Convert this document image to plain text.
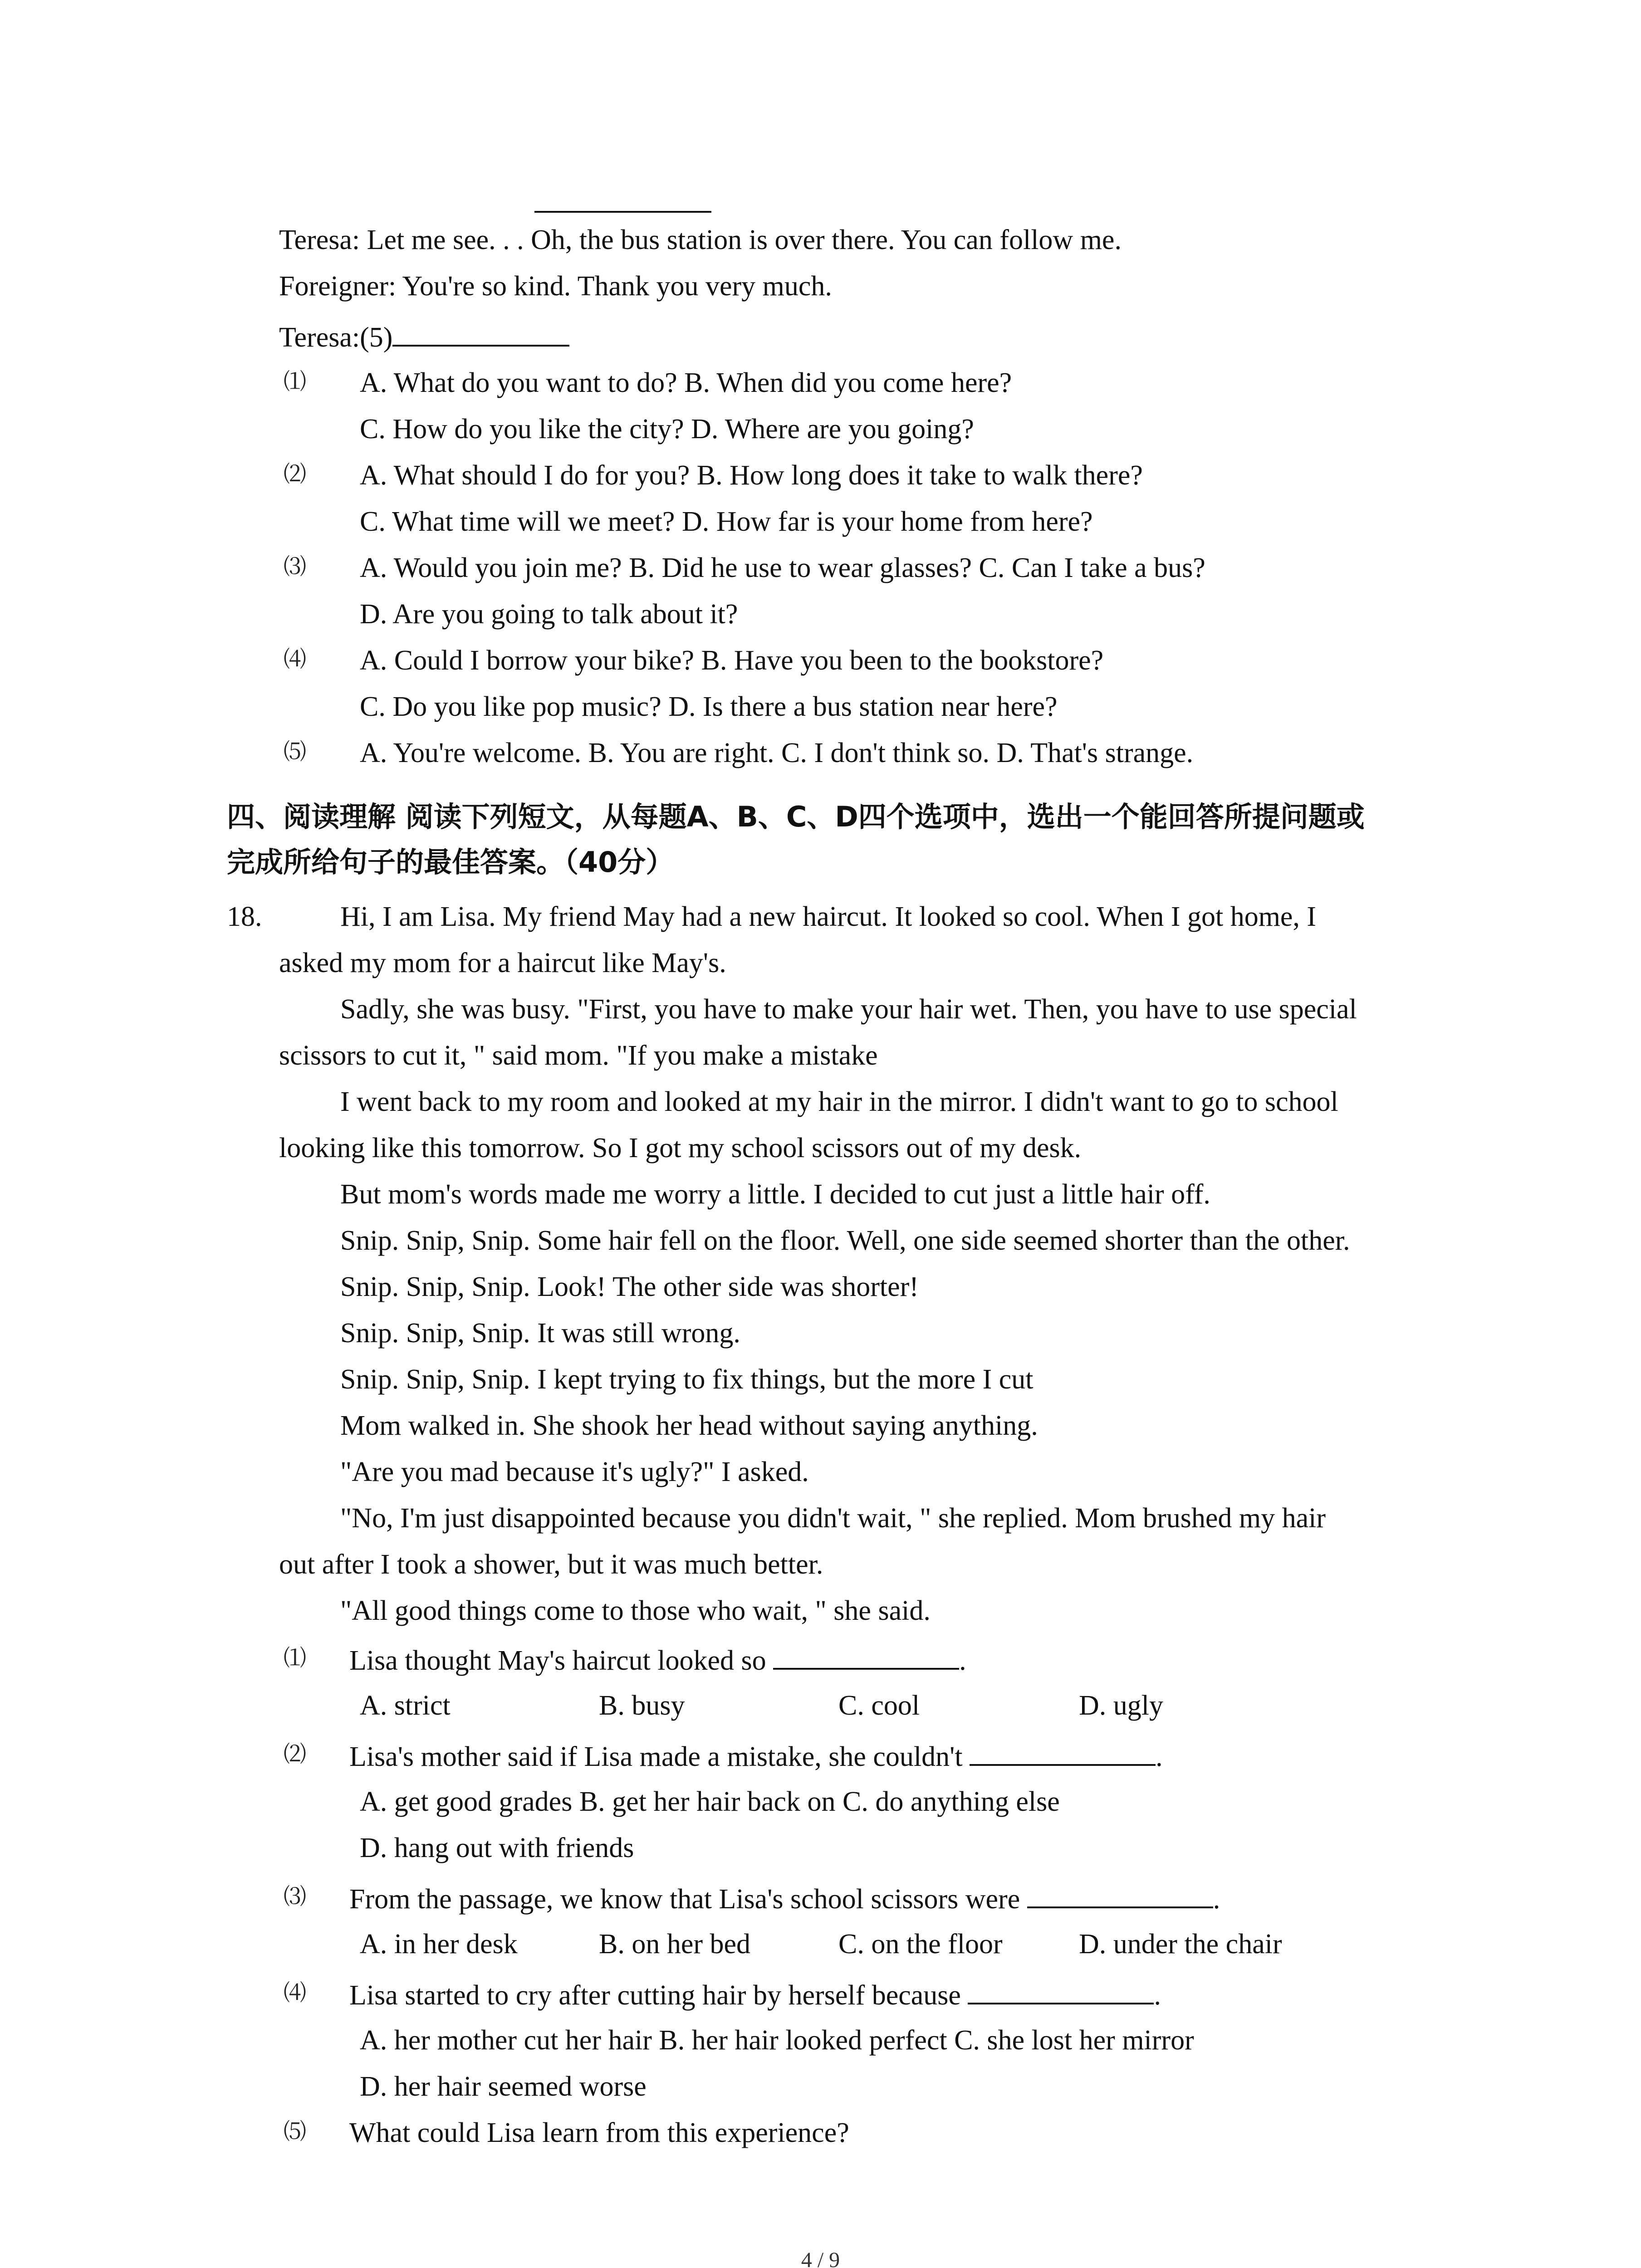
Teresa: Let me see. . . Oh, the bus station is over there. You can follow me.
Foreigner: You're so kind. Thank you very much.
Teresa:(5)
⑴ A. What do you want to do? B. When did you come here?
C. How do you like the city? D. Where are you going?
⑵ A. What should I do for you? B. How long does it take to walk there?
C. What time will we meet? D. How far is your home from here?
⑶ A. Would you join me? B. Did he use to wear glasses? C. Can I take a bus?
D. Are you going to talk about it?
⑷ A. Could I borrow your bike? B. Have you been to the bookstore?
C. Do you like pop music? D. Is there a bus station near here?
⑸ A. You're welcome. B. You are right. C. I don't think so. D. That's strange.
四、阅读理解 阅读下列短文，从每题A、B、C、D四个选项中，选出一个能回答所提问题或
完成所给句子的最佳答案。（40分）
18.	Hi, I am Lisa. My friend May had a new haircut. It looked so cool. When I got home, I
asked my mom for a haircut like May's.
Sadly, she was busy. "First, you have to make your hair wet. Then, you have to use special
scissors to cut it, " said mom. "If you make a mistake
I went back to my room and looked at my hair in the mirror. I didn't want to go to school
looking like this tomorrow. So I got my school scissors out of my desk.
But mom's words made me worry a little. I decided to cut just a little hair off.
Snip. Snip, Snip. Some hair fell on the floor. Well, one side seemed shorter than the other.
Snip. Snip, Snip. Look! The other side was shorter!
Snip. Snip, Snip. It was still wrong.
Snip. Snip, Snip. I kept trying to fix things, but the more I cut
Mom walked in. She shook her head without saying anything.
"Are you mad because it's ugly?" I asked.
"No, I'm just disappointed because you didn't wait, " she replied. Mom brushed my hair
out after I took a shower, but it was much better.
"All good things come to those who wait, " she said.
⑴ Lisa thought May's haircut looked so	.
A. strict	B. busy	C. cool	D. ugly
⑵ Lisa's mother said if Lisa made a mistake, she couldn't	.
A. get good grades B. get her hair back on C. do anything else
D. hang out with friends
⑶ From the passage, we know that Lisa's school scissors were	.
A. in her desk	B. on her bed	C. on the floor	D. under the chair
⑷ Lisa started to cry after cutting hair by herself because	.
A. her mother cut her hair B. her hair looked perfect C. she lost her mirror
D. her hair seemed worse
⑸ What could Lisa learn from this experience?
4 / 9
